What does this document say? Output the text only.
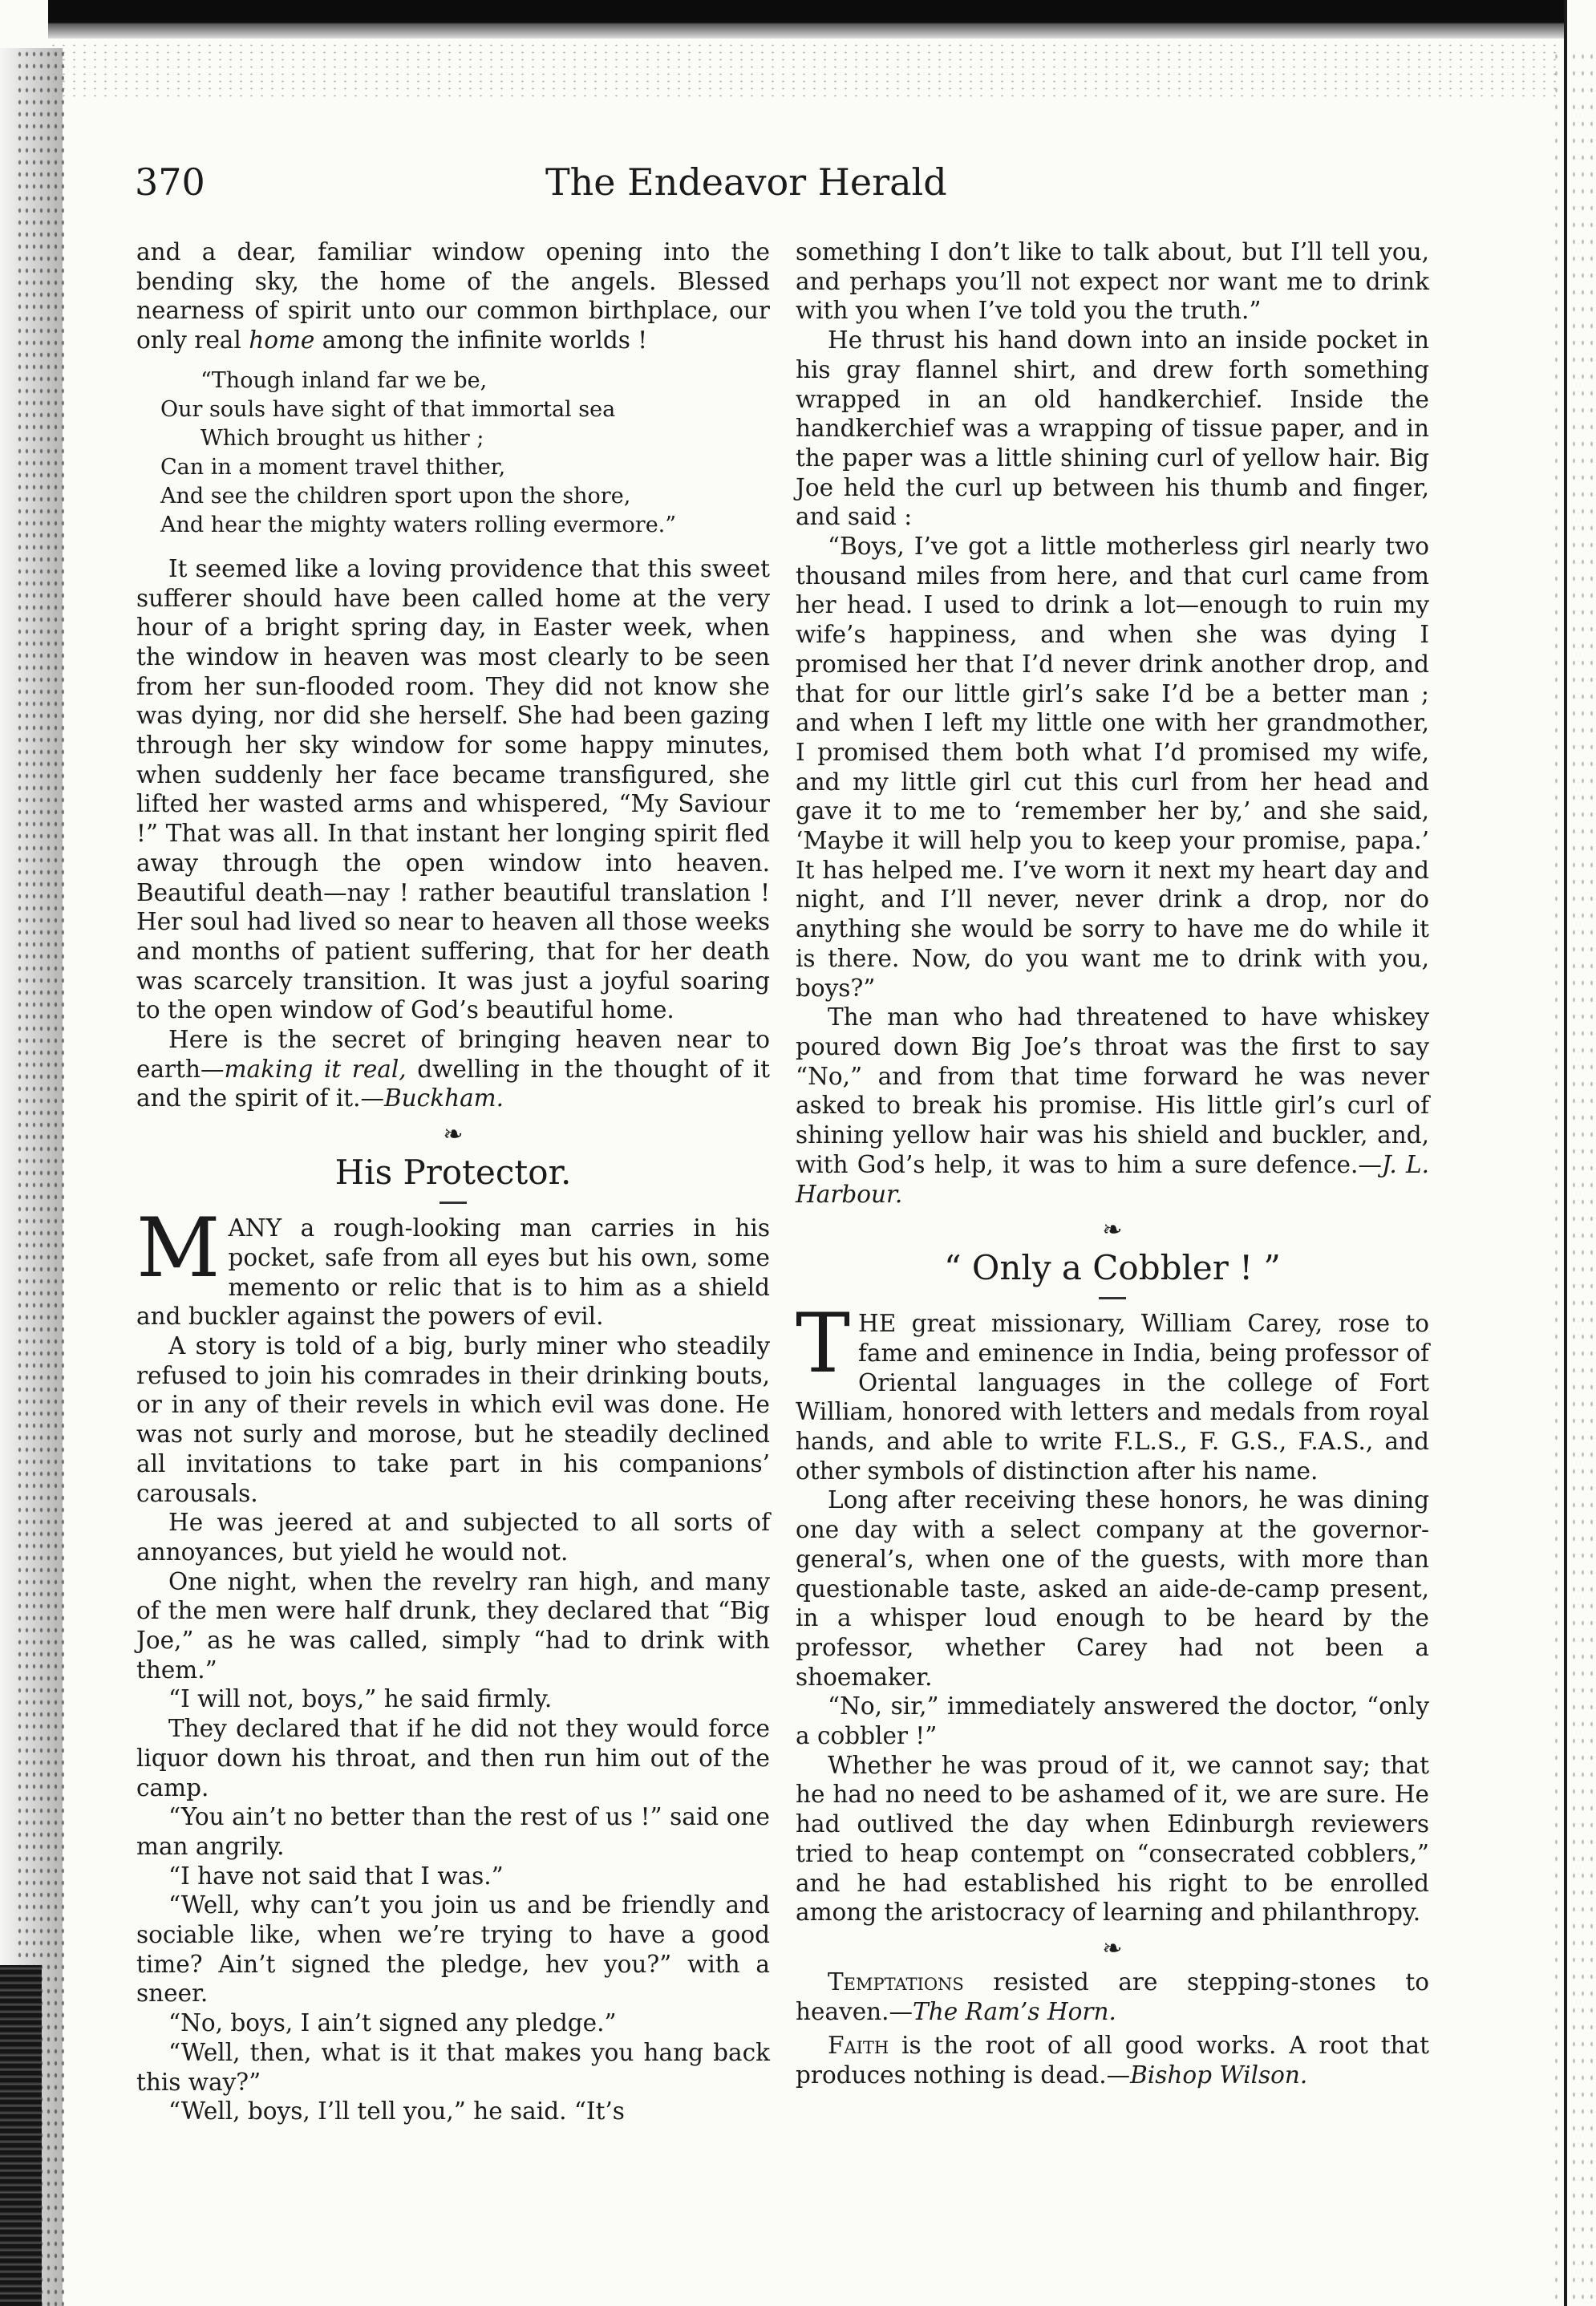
370	The Endeavor Herald

and a dear, familiar window opening into the bending sky, the home of the angels. Blessed nearness of spirit unto our common birthplace, our only real home among the infinite worlds !

“Though inland far we be,
Our souls have sight of that immortal sea
Which brought us hither ;
Can in a moment travel thither,
And see the children sport upon the shore,
And hear the mighty waters rolling evermore.”

It seemed like a loving providence that this sweet sufferer should have been called home at the very hour of a bright spring day, in Easter week, when the window in heaven was most clearly to be seen from her sun-flooded room. They did not know she was dying, nor did she herself. She had been gazing through her sky window for some happy minutes, when suddenly her face became transfigured, she lifted her wasted arms and whispered, “My Saviour !” That was all. In that instant her longing spirit fled away through the open window into heaven. Beautiful death—nay ! rather beautiful translation ! Her soul had lived so near to heaven all those weeks and months of patient suffering, that for her death was scarcely transition. It was just a joyful soaring to the open window of God’s beautiful home.

Here is the secret of bringing heaven near to earth—making it real, dwelling in the thought of it and the spirit of it.—Buckham.

❧
His Protector.

MANY a rough-looking man carries in his pocket, safe from all eyes but his own, some memento or relic that is to him as a shield and buckler against the powers of evil.

A story is told of a big, burly miner who steadily refused to join his comrades in their drinking bouts, or in any of their revels in which evil was done. He was not surly and morose, but he steadily declined all invitations to take part in his companions’ carousals.

He was jeered at and subjected to all sorts of annoyances, but yield he would not.

One night, when the revelry ran high, and many of the men were half drunk, they declared that “Big Joe,” as he was called, simply “had to drink with them.”

“I will not, boys,” he said firmly.

They declared that if he did not they would force liquor down his throat, and then run him out of the camp.

“You ain’t no better than the rest of us !” said one man angrily.

“I have not said that I was.”

“Well, why can’t you join us and be friendly and sociable like, when we’re trying to have a good time? Ain’t signed the pledge, hev you?” with a sneer.

“No, boys, I ain’t signed any pledge.”

“Well, then, what is it that makes you hang back this way?”

“Well, boys, I’ll tell you,” he said. “It’s

something I don’t like to talk about, but I’ll tell you, and perhaps you’ll not expect nor want me to drink with you when I’ve told you the truth.”

He thrust his hand down into an inside pocket in his gray flannel shirt, and drew forth something wrapped in an old handkerchief. Inside the handkerchief was a wrapping of tissue paper, and in the paper was a little shining curl of yellow hair. Big Joe held the curl up between his thumb and finger, and said :

“Boys, I’ve got a little motherless girl nearly two thousand miles from here, and that curl came from her head. I used to drink a lot—enough to ruin my wife’s happiness, and when she was dying I promised her that I’d never drink another drop, and that for our little girl’s sake I’d be a better man ; and when I left my little one with her grandmother, I promised them both what I’d promised my wife, and my little girl cut this curl from her head and gave it to me to ‘remember her by,’ and she said, ‘Maybe it will help you to keep your promise, papa.’ It has helped me. I’ve worn it next my heart day and night, and I’ll never, never drink a drop, nor do anything she would be sorry to have me do while it is there. Now, do you want me to drink with you, boys?”

The man who had threatened to have whiskey poured down Big Joe’s throat was the first to say “No,” and from that time forward he was never asked to break his promise. His little girl’s curl of shining yellow hair was his shield and buckler, and, with God’s help, it was to him a sure defence.—J. L. Harbour.

❧
“ Only a Cobbler ! ”

THE great missionary, William Carey, rose to fame and eminence in India, being professor of Oriental languages in the college of Fort William, honored with letters and medals from royal hands, and able to write F.L.S., F. G.S., F.A.S., and other symbols of distinction after his name.

Long after receiving these honors, he was dining one day with a select company at the governor-general’s, when one of the guests, with more than questionable taste, asked an aide-de-camp present, in a whisper loud enough to be heard by the professor, whether Carey had not been a shoemaker.

“No, sir,” immediately answered the doctor, “only a cobbler !”

Whether he was proud of it, we cannot say; that he had no need to be ashamed of it, we are sure. He had outlived the day when Edinburgh reviewers tried to heap contempt on “consecrated cobblers,” and he had established his right to be enrolled among the aristocracy of learning and philanthropy.

❧

Temptations resisted are stepping-stones to heaven.—The Ram’s Horn.

Faith is the root of all good works. A root that produces nothing is dead.—Bishop Wilson.
